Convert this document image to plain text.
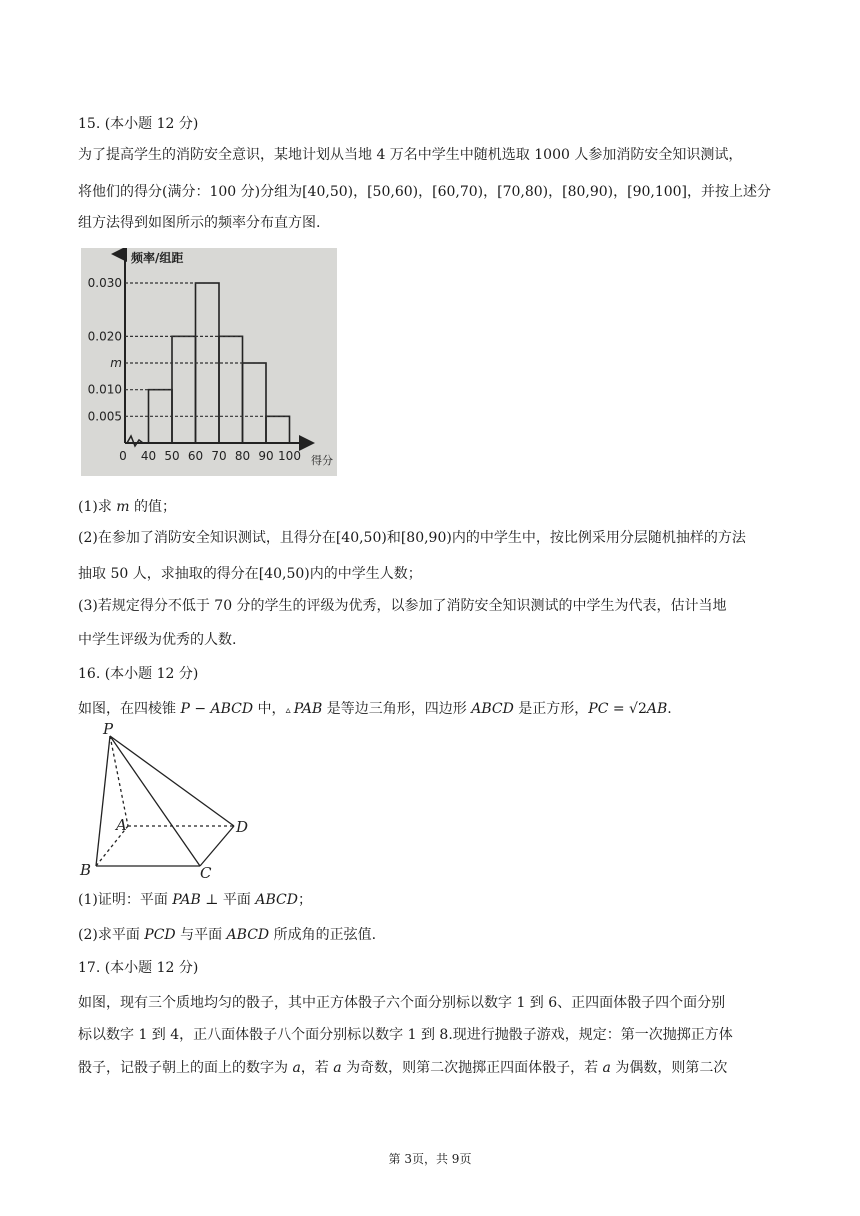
15. (本小题 12 分)
为了提高学生的消防安全意识，某地计划从当地 4 万名中学生中随机选取 1000 人参加消防安全知识测试，
将他们的得分(满分：100 分)分组为[40,50)，[50,60)，[60,70)，[70,80)，[80,90)，[90,100]，并按上述分
组方法得到如图所示的频率分布直方图.
频率/组距
得分
0.030
0.020
m
0.010
0.005
0 40 50 60 70 80 90 100
(1)求 m 的值；
(2)在参加了消防安全知识测试，且得分在[40,50)和[80,90)内的中学生中，按比例采用分层随机抽样的方法
抽取 50 人，求抽取的得分在[40,50)内的中学生人数；
(3)若规定得分不低于 70 分的学生的评级为优秀，以参加了消防安全知识测试的中学生为代表，估计当地
中学生评级为优秀的人数.
16. (本小题 12 分)
如图，在四棱锥 P − ABCD 中，▵ PAB 是等边三角形，四边形 ABCD 是正方形，PC = √2AB.
P
A
B	C
D
(1)证明：平面 PAB ⊥ 平面 ABCD；
(2)求平面 PCD 与平面 ABCD 所成角的正弦值.
17. (本小题 12 分)
如图，现有三个质地均匀的骰子，其中正方体骰子六个面分别标以数字 1 到 6、正四面体骰子四个面分别
标以数字 1 到 4，正八面体骰子八个面分别标以数字 1 到 8.现进行抛骰子游戏，规定：第一次抛掷正方体
骰子，记骰子朝上的面上的数字为 a，若 a 为奇数，则第二次抛掷正四面体骰子，若 a 为偶数，则第二次
第 3页，共 9页
